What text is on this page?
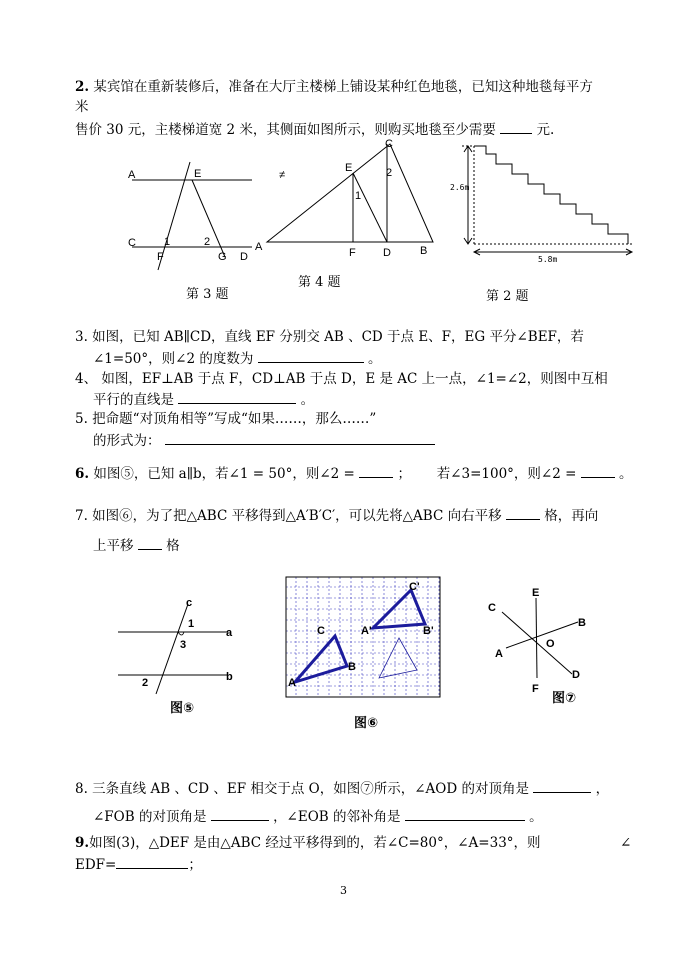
2. 某宾馆在重新装修后，准备在大厅主楼梯上铺设某种红色地毯，已知这种地毯每平方
米
售价 30 元，主楼梯道宽 2 米，其侧面如图所示，则购买地毯至少需要	元.
A	E
C	1	2
F	G D
第 3 题
E
C
1
2
A	F D	B
≠
第 4 题
2.6m
5.8m
第 2 题
3. 如图，已知 AB∥CD，直线 EF 分别交 AB 、CD 于点 E、F，EG 平分∠BEF，若
∠1=50°，则∠2 的度数为	。
4、 如图，EF⊥AB 于点 F，CD⊥AB 于点 D，E 是 AC 上一点，∠1=∠2，则图中互相
平行的直线是	。
5. 把命题“对顶角相等”写成“如果……，那么……”
的形式为：
6. 如图⑤，已知 a∥b，若∠1 = 50°，则∠2 =	； 若∠3=100°，则∠2 =	。
7. 如图⑥，为了把△ABC 平移得到△A′B′C′，可以先将△ABC 向右平移	格，再向
上平移 格
c
1
a
3
2	b
图⑤
C'
C	A'	B'
B
A
图⑥
E
C
B
A
O
D
F
图⑦
8. 三条直线 AB 、CD 、EF 相交于点 O，如图⑦所示，∠AOD 的对顶角是	，
∠FOB 的对顶角是	，∠EOB 的邻补角是	。
9.如图(3)，△DEF 是由△ABC 经过平移得到的，若∠C=80°，∠A=33°，则	∠
EDF=	；
3
